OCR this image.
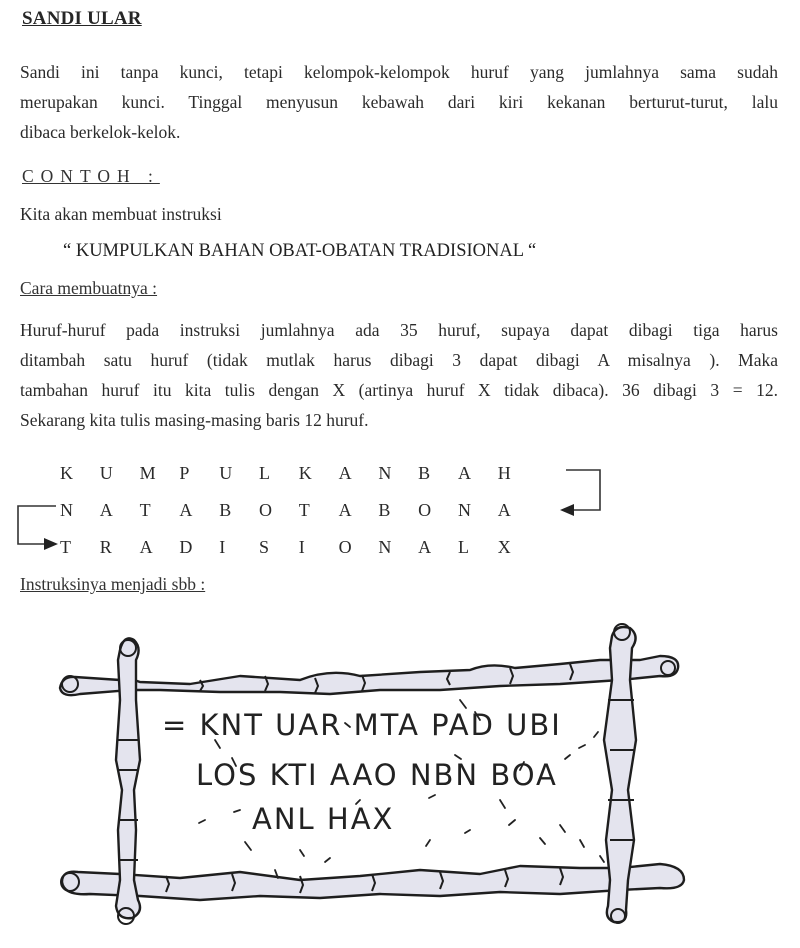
SANDI ULAR
Sandi ini tanpa kunci, tetapi kelompok-kelompok huruf yang jumlahnya sama sudah
merupakan kunci. Tinggal menyusun kebawah dari kiri kekanan berturut-turut, lalu
dibaca berkelok-kelok.
CONTOH :
Kita akan membuat instruksi
“ KUMPULKAN BAHAN OBAT-OBATAN TRADISIONAL “
Cara membuatnya :
Huruf-huruf pada instruksi jumlahnya ada 35 huruf, supaya dapat dibagi tiga harus
ditambah satu huruf (tidak mutlak harus dibagi 3 dapat dibagi A misalnya ). Maka
tambahan huruf itu kita tulis dengan X (artinya huruf X tidak dibaca). 36 dibagi 3 = 12.
Sekarang kita tulis masing-masing baris 12 huruf.
K U M P U L K A N B A H
N A T A B O T A B O N A
T R A D I S I O N A L X
Instruksinya menjadi sbb :
= KNT UAR MTA PAD UBI
LOS KTI AAO NBN BOA
ANL HAX
